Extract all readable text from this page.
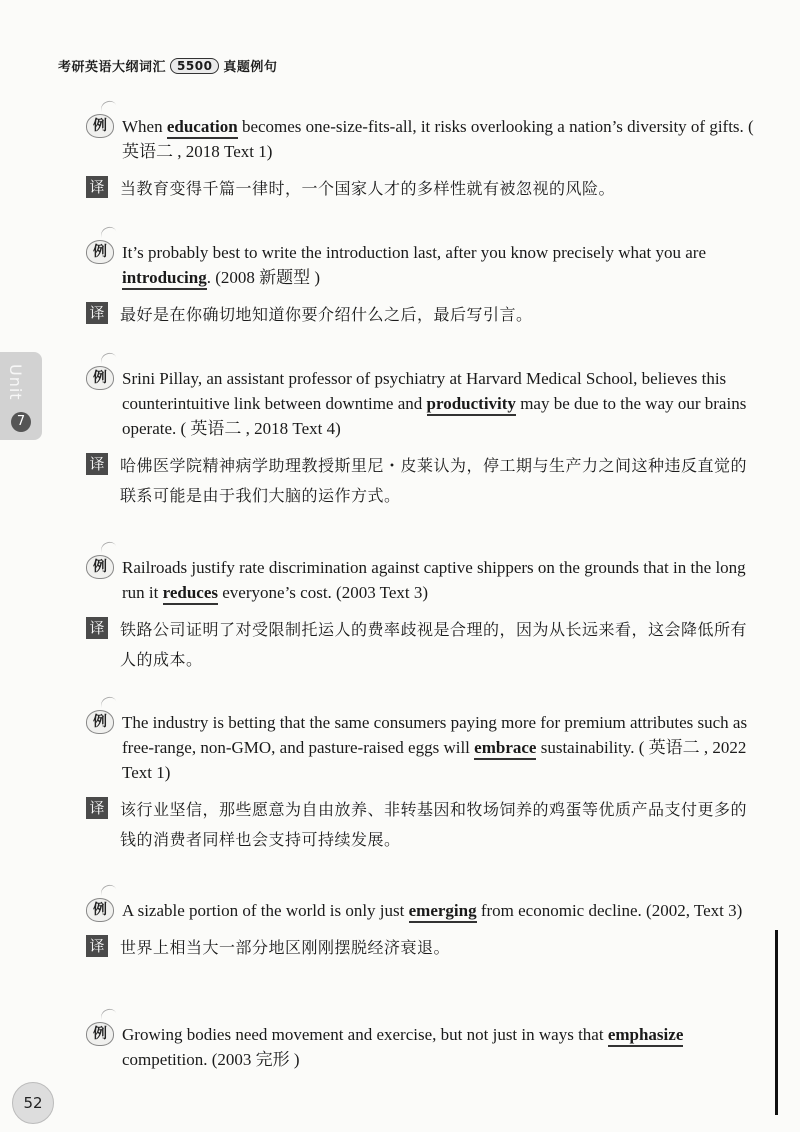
考研英语大纲词汇 5500 真题例句
Unit
7
例 When education becomes one-size-fits-all, it risks overlooking a nation’s diversity of gifts. ( 英语二 , 2018 Text 1)
译 当教育变得千篇一律时，一个国家人才的多样性就有被忽视的风险。
例 It’s probably best to write the introduction last, after you know precisely what you are introducing. (2008 新题型 )
译 最好是在你确切地知道你要介绍什么之后，最后写引言。
例 Srini Pillay, an assistant professor of psychiatry at Harvard Medical School, believes this counterintuitive link between downtime and productivity may be due to the way our brains operate. ( 英语二 , 2018 Text 4)
译 哈佛医学院精神病学助理教授斯里尼・皮莱认为，停工期与生产力之间这种违反直觉的联系可能是由于我们大脑的运作方式。
例 Railroads justify rate discrimination against captive shippers on the grounds that in the long run it reduces everyone’s cost. (2003 Text 3)
译 铁路公司证明了对受限制托运人的费率歧视是合理的，因为从长远来看，这会降低所有人的成本。
例 The industry is betting that the same consumers paying more for premium attributes such as free-range, non-GMO, and pasture-raised eggs will embrace sustainability. ( 英语二 , 2022 Text 1)
译 该行业坚信，那些愿意为自由放养、非转基因和牧场饲养的鸡蛋等优质产品支付更多的钱的消费者同样也会支持可持续发展。
例 A sizable portion of the world is only just emerging from economic decline. (2002, Text 3)
译 世界上相当大一部分地区刚刚摆脱经济衰退。
例 Growing bodies need movement and exercise, but not just in ways that emphasize competition. (2003 完形 )
52
